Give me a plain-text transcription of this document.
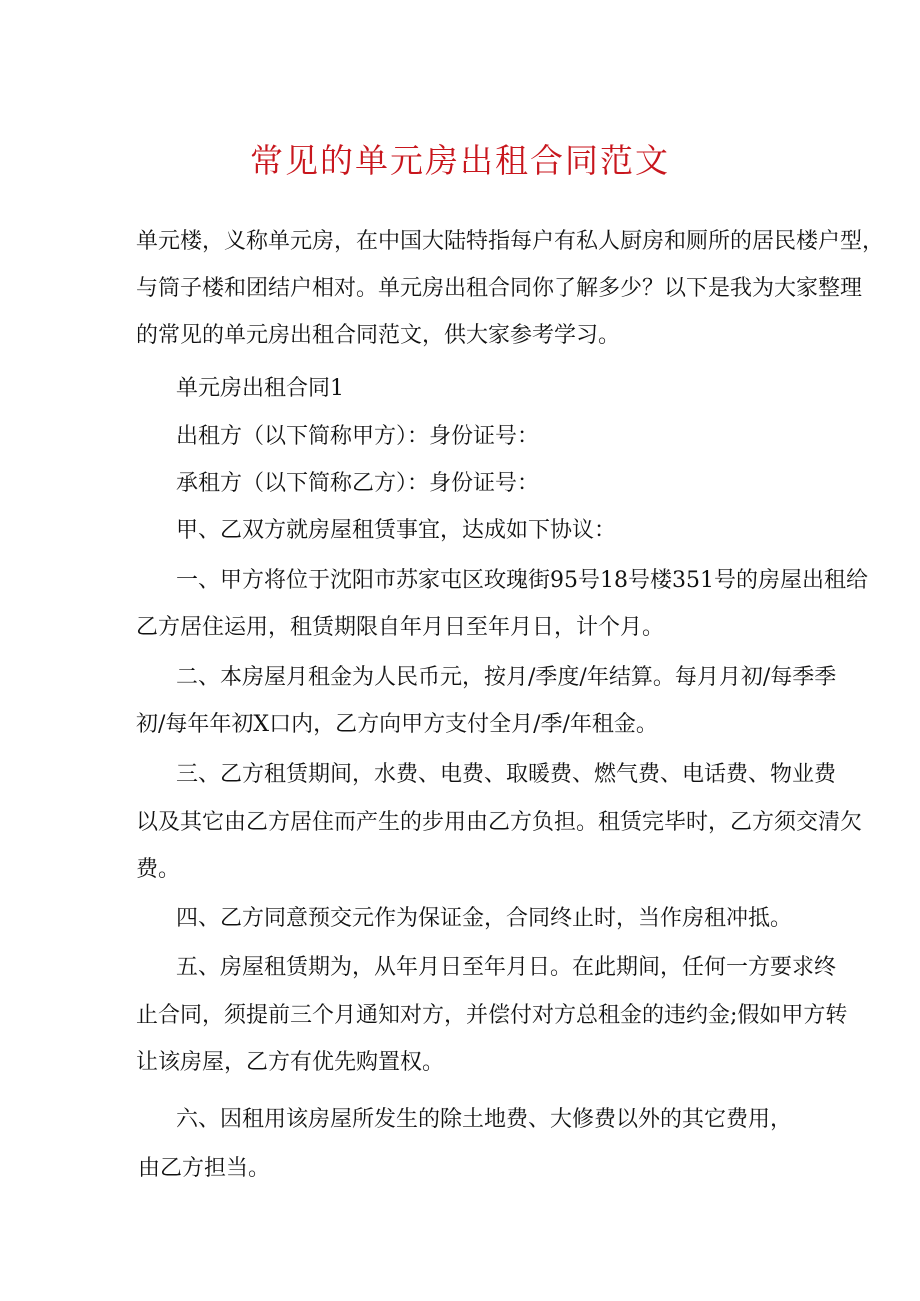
常见的单元房出租合同范文

单元楼，义称单元房，在中国大陆特指每户有私人厨房和厕所的居民楼户型，

与筒子楼和团结户相对。单元房出租合同你了解多少？以下是我为大家整理

的常见的单元房出租合同范文，供大家参考学习。

单元房出租合同1

出租方（以下简称甲方）：身份证号：

承租方（以下简称乙方）：身份证号：

甲、乙双方就房屋租赁事宜，达成如下协议：

一、甲方将位于沈阳市苏家屯区玫瑰街95号18号楼351号的房屋出租给

乙方居住运用，租赁期限自年月日至年月日，计个月。

二、本房屋月租金为人民币元，按月/季度/年结算。每月月初/每季季

初/每年年初X口内，乙方向甲方支付全月/季/年租金。

三、乙方租赁期间，水费、电费、取暖费、燃气费、电话费、物业费

以及其它由乙方居住而产生的步用由乙方负担。租赁完毕时，乙方须交清欠

费。

四、乙方同意预交元作为保证金，合同终止时，当作房租冲抵。

五、房屋租赁期为，从年月日至年月日。在此期间，任何一方要求终

止合同，须提前三个月通知对方，并偿付对方总租金的违约金;假如甲方转

让该房屋，乙方有优先购置权。

六、因租用该房屋所发生的除土地费、大修费以外的其它费用，

由乙方担当。
